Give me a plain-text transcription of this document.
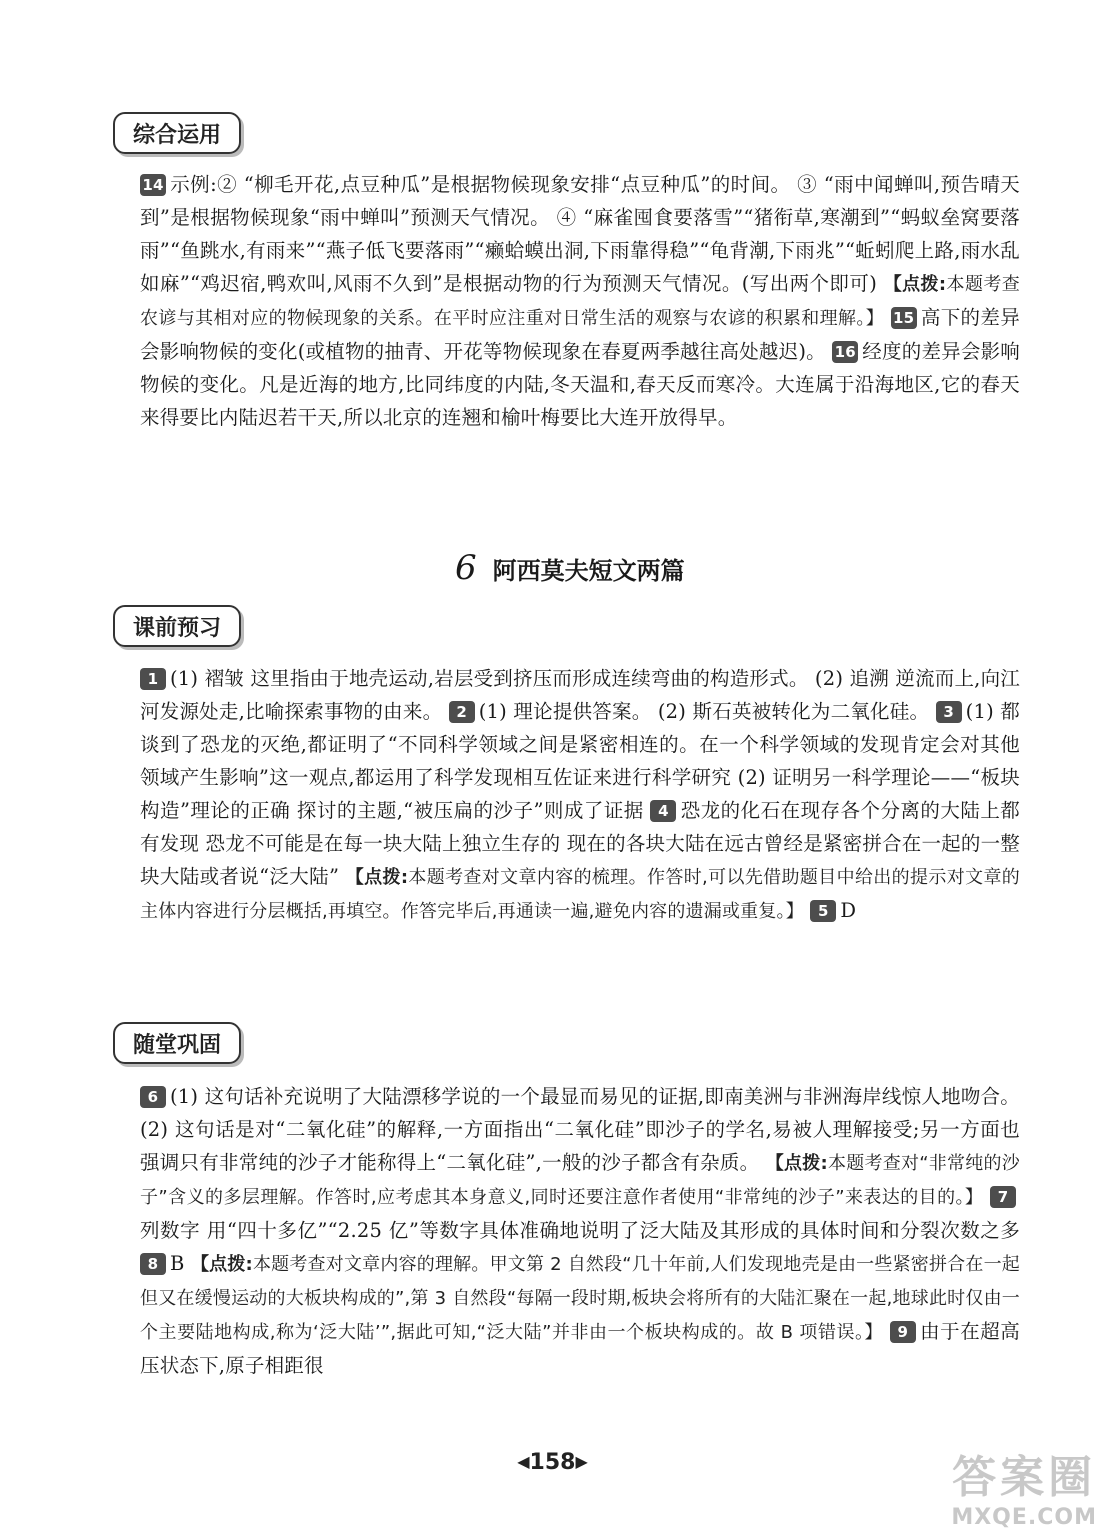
综合运用

14 示例:② “柳毛开花,点豆种瓜”是根据物候现象安排“点豆种瓜”的时间。 ③ “雨中闻蝉叫,预告晴天到”是根据物候现象“雨中蝉叫”预测天气情况。 ④ “麻雀囤食要落雪”“猪衔草,寒潮到”“蚂蚁垒窝要落雨”“鱼跳水,有雨来”“燕子低飞要落雨”“癞蛤蟆出洞,下雨靠得稳”“龟背潮,下雨兆”“蚯蚓爬上路,雨水乱如麻”“鸡迟宿,鸭欢叫,风雨不久到”是根据动物的行为预测天气情况。(写出两个即可) 【点拨:本题考查农谚与其相对应的物候现象的关系。在平时应注重对日常生活的观察与农谚的积累和理解。】 15 高下的差异会影响物候的变化(或植物的抽青、开花等物候现象在春夏两季越往高处越迟)。 16 经度的差异会影响物候的变化。凡是近海的地方,比同纬度的内陆,冬天温和,春天反而寒冷。大连属于沿海地区,它的春天来得要比内陆迟若干天,所以北京的连翘和榆叶梅要比大连开放得早。

6 阿西莫夫短文两篇
课前预习

1 (1) 褶皱 这里指由于地壳运动,岩层受到挤压而形成连续弯曲的构造形式。 (2) 追溯 逆流而上,向江河发源处走,比喻探索事物的由来。 2 (1) 理论提供答案。 (2) 斯石英被转化为二氧化硅。 3 (1) 都谈到了恐龙的灭绝,都证明了“不同科学领域之间是紧密相连的。在一个科学领域的发现肯定会对其他领域产生影响”这一观点,都运用了科学发现相互佐证来进行科学研究 (2) 证明另一科学理论——“板块构造”理论的正确 探讨的主题,“被压扁的沙子”则成了证据 4 恐龙的化石在现存各个分离的大陆上都有发现 恐龙不可能是在每一块大陆上独立生存的 现在的各块大陆在远古曾经是紧密拼合在一起的一整块大陆或者说“泛大陆” 【点拨:本题考查对文章内容的梳理。作答时,可以先借助题目中给出的提示对文章的主体内容进行分层概括,再填空。作答完毕后,再通读一遍,避免内容的遗漏或重复。】 5 D

随堂巩固

6 (1) 这句话补充说明了大陆漂移学说的一个最显而易见的证据,即南美洲与非洲海岸线惊人地吻合。 (2) 这句话是对“二氧化硅”的解释,一方面指出“二氧化硅”即沙子的学名,易被人理解接受;另一方面也强调只有非常纯的沙子才能称得上“二氧化硅”,一般的沙子都含有杂质。 【点拨:本题考查对“非常纯的沙子”含义的多层理解。作答时,应考虑其本身意义,同时还要注意作者使用“非常纯的沙子”来表达的目的。】 7列数字 用“四十多亿”“2.25 亿”等数字具体准确地说明了泛大陆及其形成的具体时间和分裂次数之多 8 B 【点拨:本题考查对文章内容的理解。甲文第 2 自然段“几十年前,人们发现地壳是由一些紧密拼合在一起但又在缓慢运动的大板块构成的”,第 3 自然段“每隔一段时期,板块会将所有的大陆汇聚在一起,地球此时仅由一个主要陆地构成,称为‘泛大陆’”,据此可知,“泛大陆”并非由一个板块构成的。故 B 项错误。】 9 由于在超高压状态下,原子相距很

◀158▶	答案圈
MXQE.COM
